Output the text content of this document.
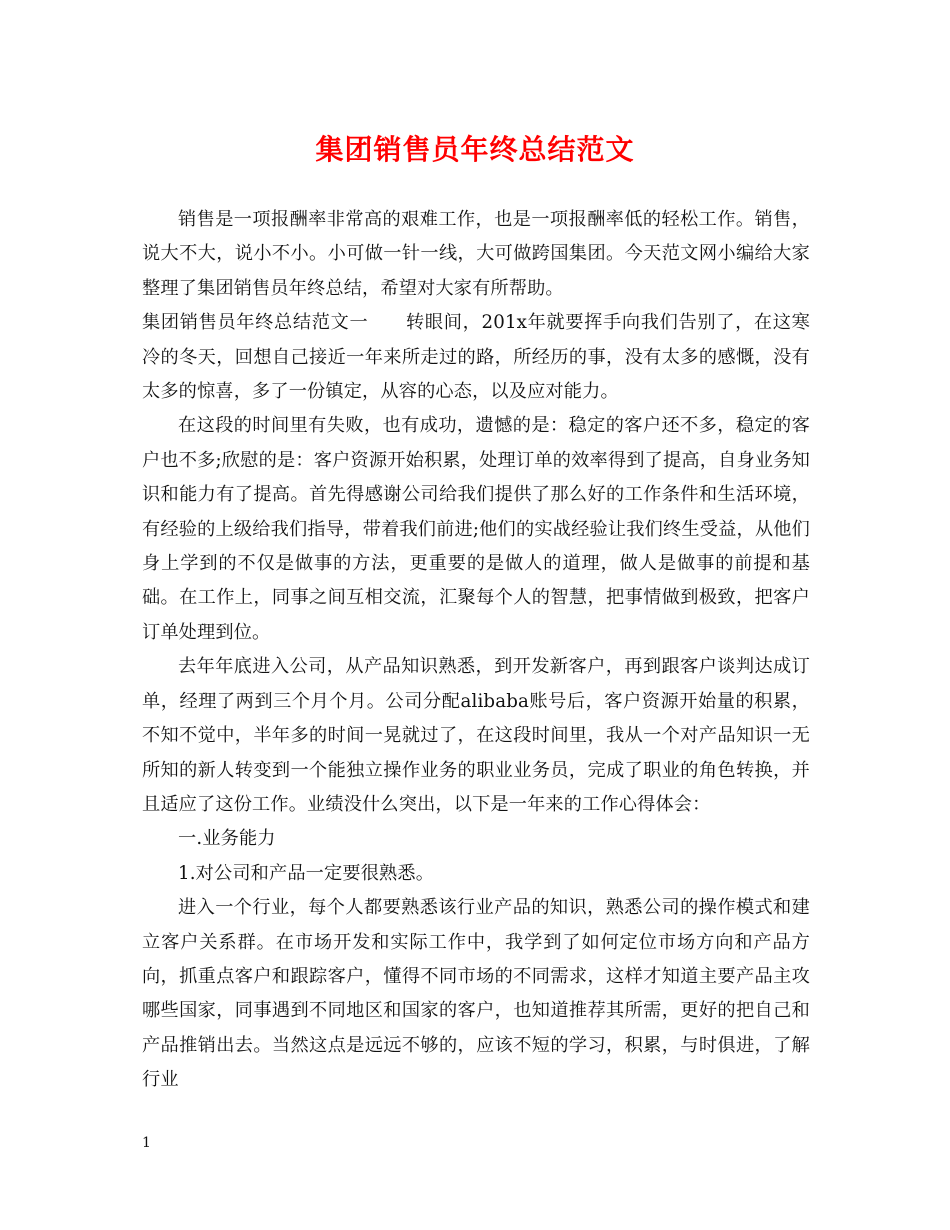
集团销售员年终总结范文

销售是一项报酬率非常高的艰难工作，也是一项报酬率低的轻松工作。销售，说大不大，说小不小。小可做一针一线，大可做跨国集团。今天范文网小编给大家整理了集团销售员年终总结，希望对大家有所帮助。

集团销售员年终总结范文一　　转眼间，201x年就要挥手向我们告别了，在这寒冷的冬天，回想自己接近一年来所走过的路，所经历的事，没有太多的感慨，没有太多的惊喜，多了一份镇定，从容的心态，以及应对能力。

在这段的时间里有失败，也有成功，遗憾的是：稳定的客户还不多，稳定的客户也不多;欣慰的是：客户资源开始积累，处理订单的效率得到了提高，自身业务知识和能力有了提高。首先得感谢公司给我们提供了那么好的工作条件和生活环境，有经验的上级给我们指导，带着我们前进;他们的实战经验让我们终生受益，从他们身上学到的不仅是做事的方法，更重要的是做人的道理，做人是做事的前提和基础。在工作上，同事之间互相交流，汇聚每个人的智慧，把事情做到极致，把客户订单处理到位。

去年年底进入公司，从产品知识熟悉，到开发新客户，再到跟客户谈判达成订单，经理了两到三个月个月。公司分配alibaba账号后，客户资源开始量的积累，不知不觉中，半年多的时间一晃就过了，在这段时间里，我从一个对产品知识一无所知的新人转变到一个能独立操作业务的职业业务员，完成了职业的角色转换，并且适应了这份工作。业绩没什么突出，以下是一年来的工作心得体会：

一.业务能力

1.对公司和产品一定要很熟悉。

进入一个行业，每个人都要熟悉该行业产品的知识，熟悉公司的操作模式和建立客户关系群。在市场开发和实际工作中，我学到了如何定位市场方向和产品方向，抓重点客户和跟踪客户，懂得不同市场的不同需求，这样才知道主要产品主攻哪些国家，同事遇到不同地区和国家的客户，也知道推荐其所需，更好的把自己和产品推销出去。当然这点是远远不够的，应该不短的学习，积累，与时俱进，了解行业

1
